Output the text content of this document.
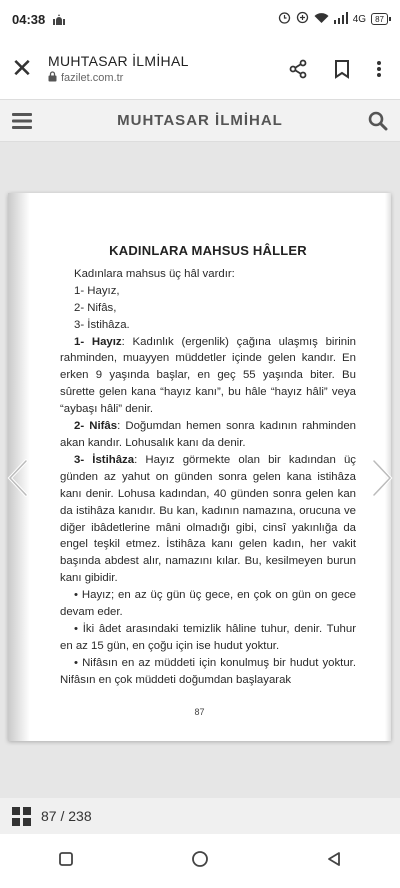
04:38	4G 87
✕	MUHTASAR İLMİHAL
fazilet.com.tr
MUHTASAR İLMİHAL
KADINLARA MAHSUS HÂLLER

Kadınlara mahsus üç hâl vardır:

1- Hayız,

2- Nifâs,

3- İstihâza.

1- Hayız: Kadınlık (ergenlik) çağına ulaşmış birinin rahminden, muayyen müddetler içinde gelen kandır. En erken 9 yaşında başlar, en geç 55 yaşında biter. Bu sûrette gelen kana “hayız kanı”, bu hâle “hayız hâli” veya “aybaşı hâli” denir.

2- Nifâs: Doğumdan hemen sonra kadının rahminden akan kandır. Lohusalık kanı da denir.

3- İstihâza: Hayız görmekte olan bir kadından üç günden az yahut on günden sonra gelen kana istihâza kanı denir. Lohusa kadından, 40 günden sonra gelen kan da istihâza kanıdır. Bu kan, kadının namazına, orucuna ve diğer ibâdetlerine mâni olmadığı gibi, cinsî yakınlığa da engel teşkil etmez. İstihâza kanı gelen kadın, her vakit başında abdest alır, namazını kılar. Bu, kesilmeyen burun kanı gibidir.

• Hayız; en az üç gün üç gece, en çok on gün on gece devam eder.

• İki âdet arasındaki temizlik hâline tuhur, denir. Tuhur en az 15 gün, en çoğu için ise hudut yoktur.

• Nifâsın en az müddeti için konulmuş bir hudut yoktur. Nifâsın en çok müddeti doğumdan başlayarak

87
87 / 238
